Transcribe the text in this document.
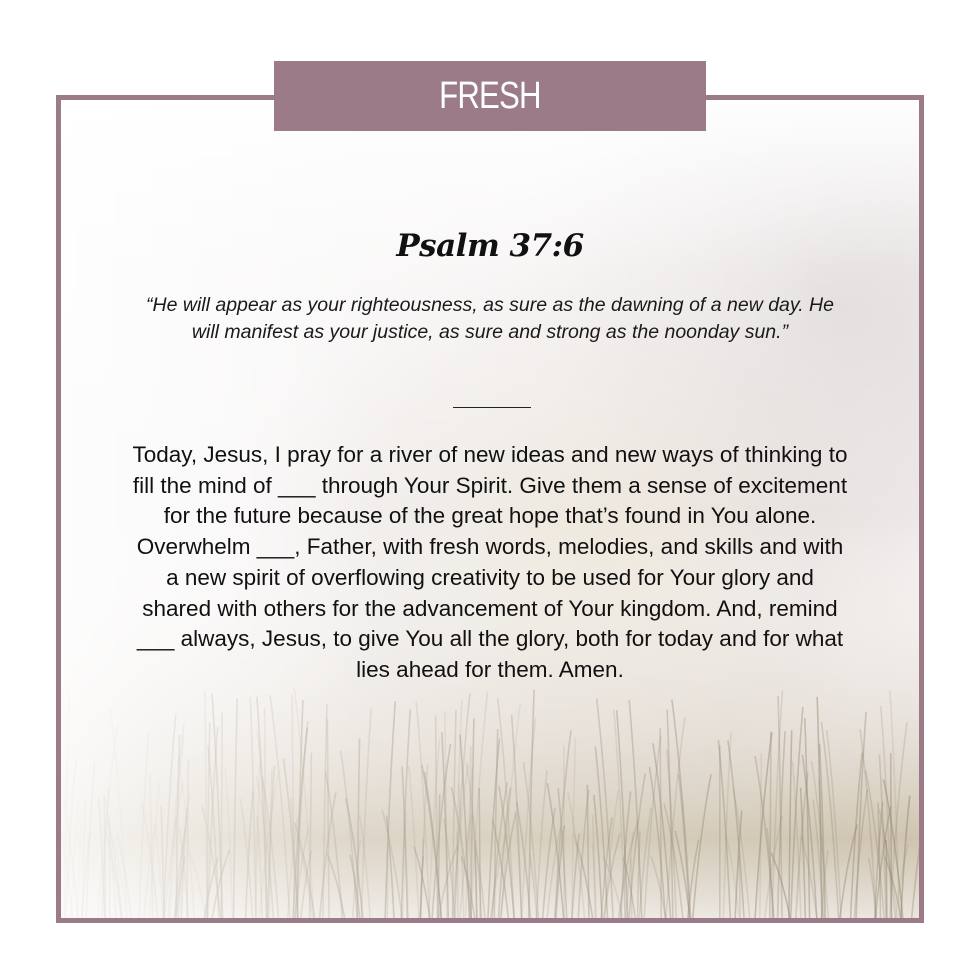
Psalm 37:6
“He will appear as your righteousness, as sure as the dawning of a new day. He will manifest as your justice, as sure and strong as the noonday sun.”
Today, Jesus, I pray for a river of new ideas and new ways of thinking to fill the mind of ___ through Your Spirit. Give them a sense of excitement for the future because of the great hope that’s found in You alone. Overwhelm ___, Father, with fresh words, melodies, and skills and with a new spirit of overflowing creativity to be used for Your glory and shared with others for the advancement of Your kingdom. And, remind ___ always, Jesus, to give You all the glory, both for today and for what lies ahead for them. Amen.
FRESH
